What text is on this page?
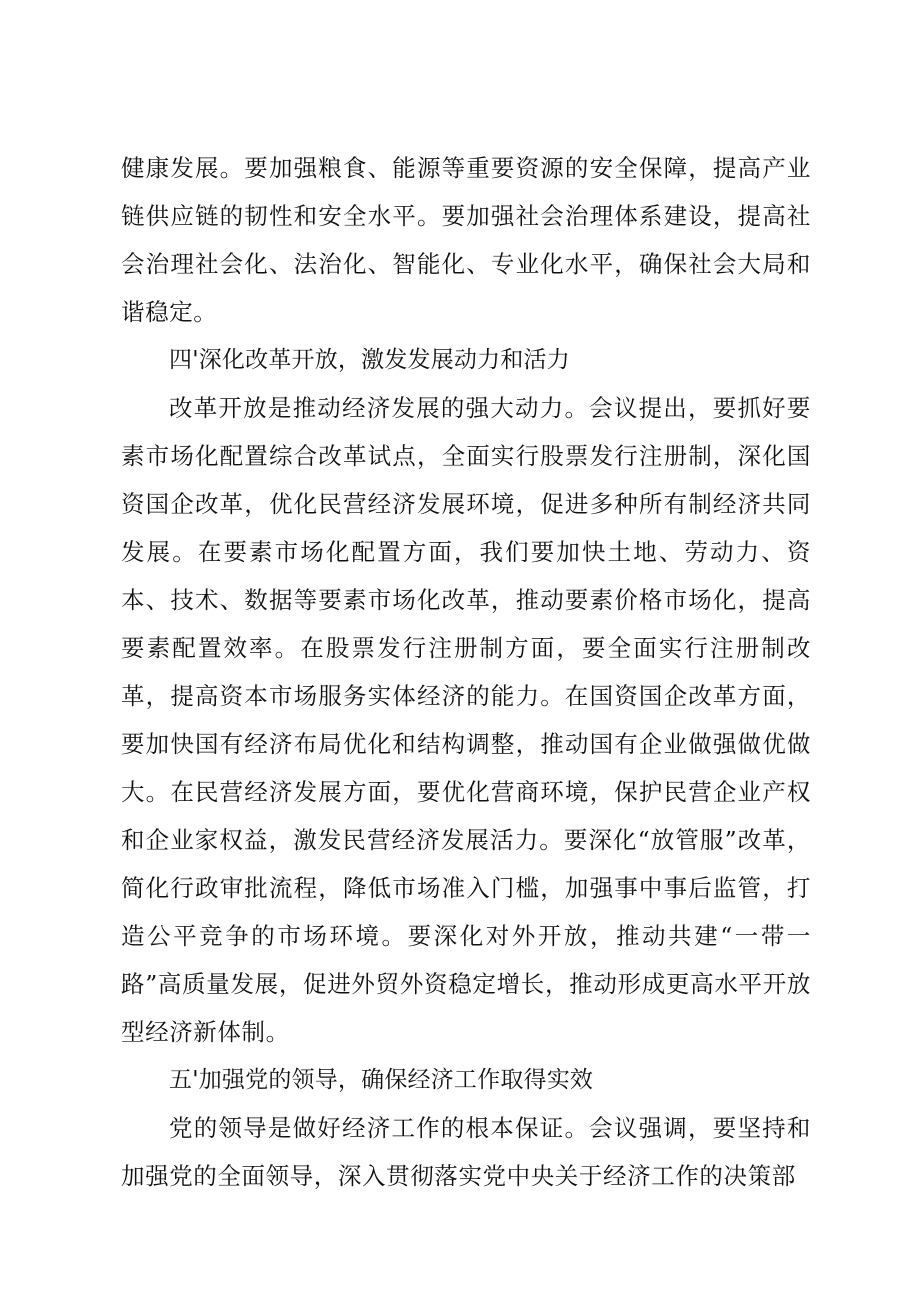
健康发展。要加强粮食、能源等重要资源的安全保障，提高产业链供应链的韧性和安全水平。要加强社会治理体系建设，提高社会治理社会化、法治化、智能化、专业化水平，确保社会大局和谐稳定。

四'深化改革开放，激发发展动力和活力

改革开放是推动经济发展的强大动力。会议提出，要抓好要素市场化配置综合改革试点，全面实行股票发行注册制，深化国资国企改革，优化民营经济发展环境，促进多种所有制经济共同发展。在要素市场化配置方面，我们要加快土地、劳动力、资本、技术、数据等要素市场化改革，推动要素价格市场化，提高要素配置效率。在股票发行注册制方面，要全面实行注册制改革，提高资本市场服务实体经济的能力。在国资国企改革方面，要加快国有经济布局优化和结构调整，推动国有企业做强做优做大。在民营经济发展方面，要优化营商环境，保护民营企业产权和企业家权益，激发民营经济发展活力。要深化“放管服”改革，简化行政审批流程，降低市场准入门槛，加强事中事后监管，打造公平竞争的市场环境。要深化对外开放，推动共建“一带一路”高质量发展，促进外贸外资稳定增长，推动形成更高水平开放型经济新体制。

五'加强党的领导，确保经济工作取得实效

党的领导是做好经济工作的根本保证。会议强调，要坚持和加强党的全面领导，深入贯彻落实党中央关于经济工作的决策部
